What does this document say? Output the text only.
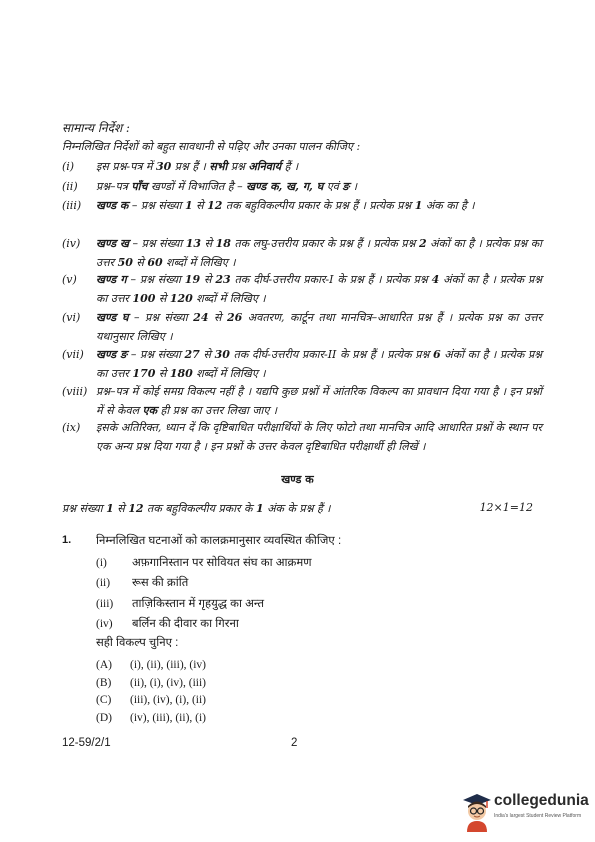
सामान्य निर्देश :
निम्नलिखित निर्देशों को बहुत सावधानी से पढ़िए और उनका पालन कीजिए :
(i)	इस प्रश्न-पत्र में 30 प्रश्न हैं । सभी प्रश्न अनिवार्य हैं ।
(ii)	प्रश्न–पत्र पाँच खण्डों में विभाजित है – खण्ड क, ख, ग, घ एवं ङ ।
(iii)	खण्ड क – प्रश्न संख्या 1 से 12 तक बहुविकल्पीय प्रकार के प्रश्न हैं । प्रत्येक प्रश्न 1 अंक का है ।
(iv)	खण्ड ख – प्रश्न संख्या 13 से 18 तक लघु-उत्तरीय प्रकार के प्रश्न हैं । प्रत्येक प्रश्न 2 अंकों का है । प्रत्येक प्रश्न का उत्तर 50 से 60 शब्दों में लिखिए ।
(v)	खण्ड ग – प्रश्न संख्या 19 से 23 तक दीर्घ-उत्तरीय प्रकार-I के प्रश्न हैं । प्रत्येक प्रश्न 4 अंकों का है । प्रत्येक प्रश्न का उत्तर 100 से 120 शब्दों में लिखिए ।
(vi)	खण्ड घ – प्रश्न संख्या 24 से 26 अवतरण, कार्टून तथा मानचित्र–आधारित प्रश्न हैं । प्रत्येक प्रश्न का उत्तर यथानुसार लिखिए ।
(vii)	खण्ड ङ – प्रश्न संख्या 27 से 30 तक दीर्घ-उत्तरीय प्रकार-II के प्रश्न हैं । प्रत्येक प्रश्न 6 अंकों का है । प्रत्येक प्रश्न का उत्तर 170 से 180 शब्दों में लिखिए ।
(viii) प्रश्न–पत्र में कोई समग्र विकल्प नहीं है । यद्यपि कुछ प्रश्नों में आंतरिक विकल्प का प्रावधान दिया गया है । इन प्रश्नों में से केवल एक ही प्रश्न का उत्तर लिखा जाए ।
(ix)	इसके अतिरिक्त, ध्यान दें कि दृष्टिबाधित परीक्षार्थियों के लिए फोटो तथा मानचित्र आदि आधारित प्रश्नों के स्थान पर एक अन्य प्रश्न दिया गया है । इन प्रश्नों के उत्तर केवल दृष्टिबाधित परीक्षार्थी ही लिखें ।
खण्ड क
प्रश्न संख्या 1 से 12 तक बहुविकल्पीय प्रकार के 1 अंक के प्रश्न हैं ।	12×1=12
1. निम्नलिखित घटनाओं को कालक्रमानुसार व्यवस्थित कीजिए :
(i) अफ़गानिस्तान पर सोवियत संघ का आक्रमण
(ii) रूस की क्रांति
(iii) ताज़िकिस्तान में गृहयुद्ध का अन्त
(iv) बर्लिन की दीवार का गिरना
सही विकल्प चुनिए :
(A) (i), (ii), (iii), (iv)
(B) (ii), (i), (iv), (iii)
(C) (iii), (iv), (i), (ii)
(D) (iv), (iii), (ii), (i)
12-59/2/1	2
collegedunia
India's largest Student Review Platform
